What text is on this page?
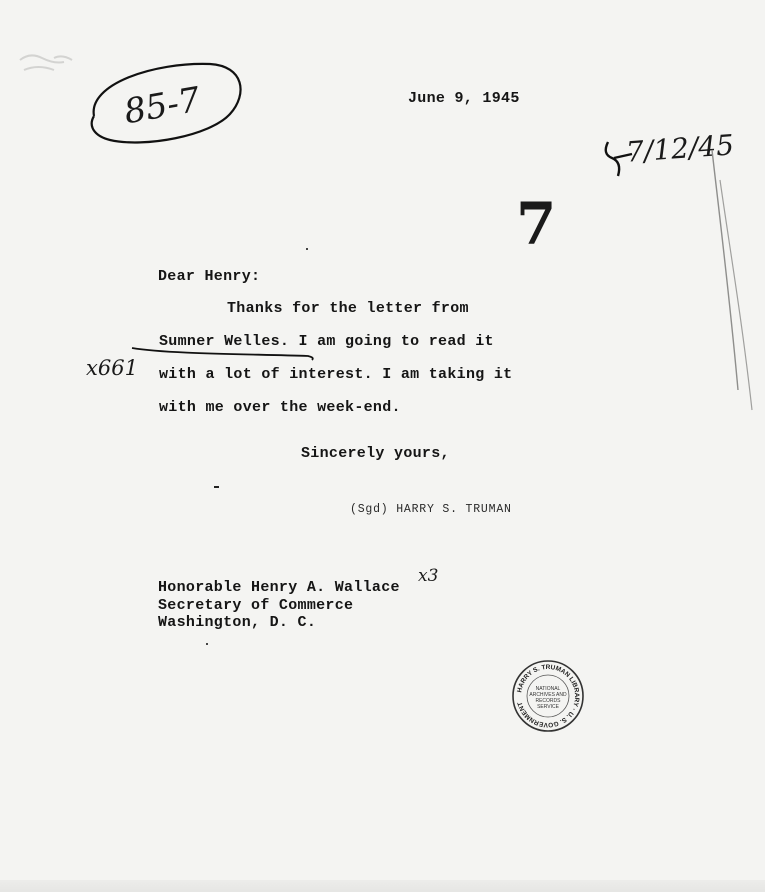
85-7	June 9, 1945
7/12/45
7
Dear Henry:
Thanks for the letter from
Sumner Welles. I am going to read it
x661 with a lot of interest. I am taking it
with me over the week-end.
Sincerely yours,
(Sgd) HARRY S. TRUMAN
Honorable Henry A. Wallace
x3
Secretary of Commerce
Washington, D. C.
HARRY S. TRUMAN LIBRARY · U. S. GOVERNMENT
NATIONAL
ARCHIVES AND
RECORDS
SERVICE
